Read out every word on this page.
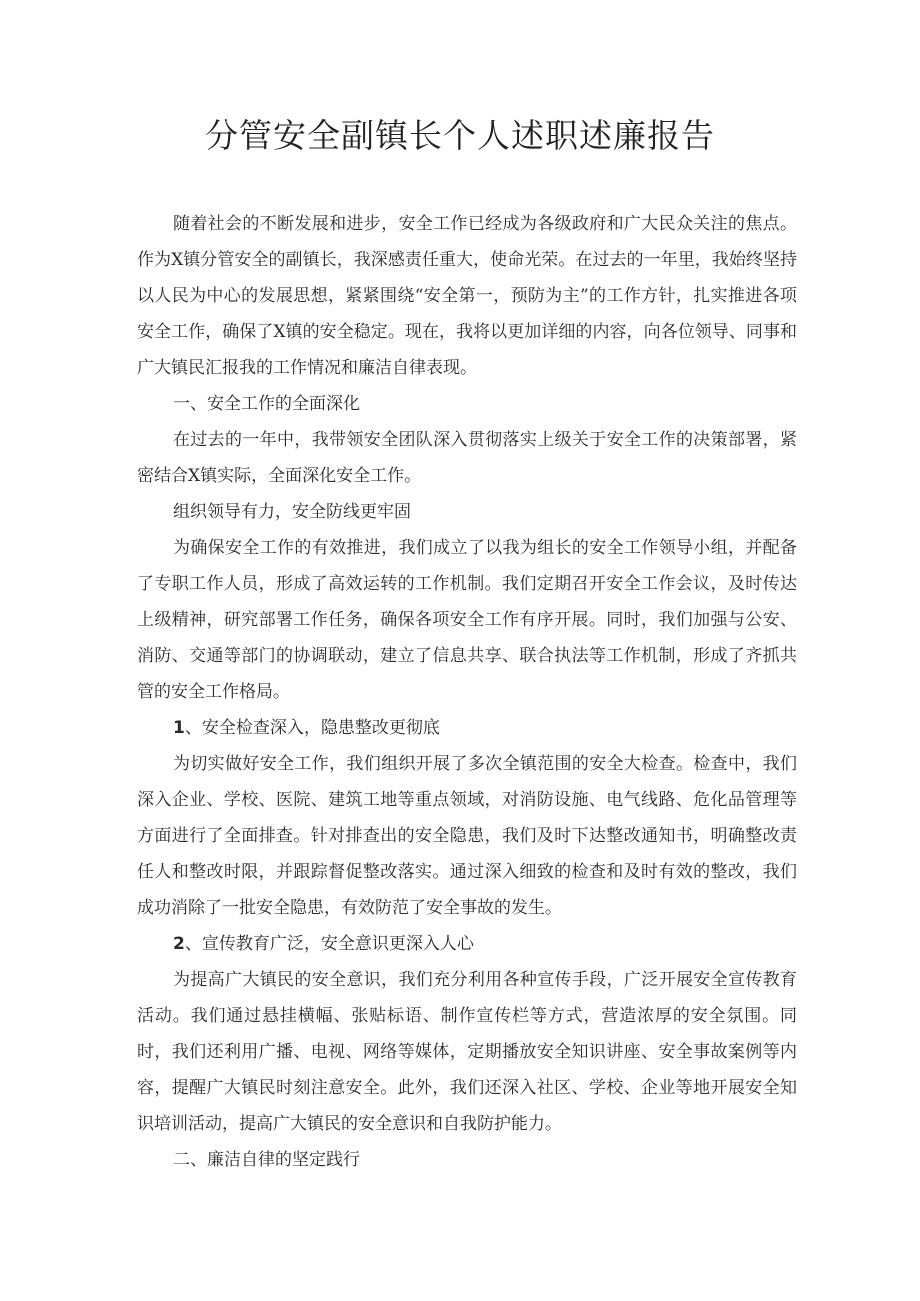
分管安全副镇长个人述职述廉报告

随着社会的不断发展和进步，安全工作已经成为各级政府和广大民众关注的焦点。作为X镇分管安全的副镇长，我深感责任重大，使命光荣。在过去的一年里，我始终坚持以人民为中心的发展思想，紧紧围绕“安全第一，预防为主”的工作方针，扎实推进各项安全工作，确保了X镇的安全稳定。现在，我将以更加详细的内容，向各位领导、同事和广大镇民汇报我的工作情况和廉洁自律表现。

一、安全工作的全面深化

在过去的一年中，我带领安全团队深入贯彻落实上级关于安全工作的决策部署，紧密结合X镇实际，全面深化安全工作。

组织领导有力，安全防线更牢固

为确保安全工作的有效推进，我们成立了以我为组长的安全工作领导小组，并配备了专职工作人员，形成了高效运转的工作机制。我们定期召开安全工作会议，及时传达上级精神，研究部署工作任务，确保各项安全工作有序开展。同时，我们加强与公安、消防、交通等部门的协调联动，建立了信息共享、联合执法等工作机制，形成了齐抓共管的安全工作格局。

1、安全检查深入，隐患整改更彻底

为切实做好安全工作，我们组织开展了多次全镇范围的安全大检查。检查中，我们深入企业、学校、医院、建筑工地等重点领域，对消防设施、电气线路、危化品管理等方面进行了全面排查。针对排查出的安全隐患，我们及时下达整改通知书，明确整改责任人和整改时限，并跟踪督促整改落实。通过深入细致的检查和及时有效的整改，我们成功消除了一批安全隐患，有效防范了安全事故的发生。

2、宣传教育广泛，安全意识更深入人心

为提高广大镇民的安全意识，我们充分利用各种宣传手段，广泛开展安全宣传教育活动。我们通过悬挂横幅、张贴标语、制作宣传栏等方式，营造浓厚的安全氛围。同时，我们还利用广播、电视、网络等媒体，定期播放安全知识讲座、安全事故案例等内容，提醒广大镇民时刻注意安全。此外，我们还深入社区、学校、企业等地开展安全知识培训活动，提高广大镇民的安全意识和自我防护能力。

二、廉洁自律的坚定践行
